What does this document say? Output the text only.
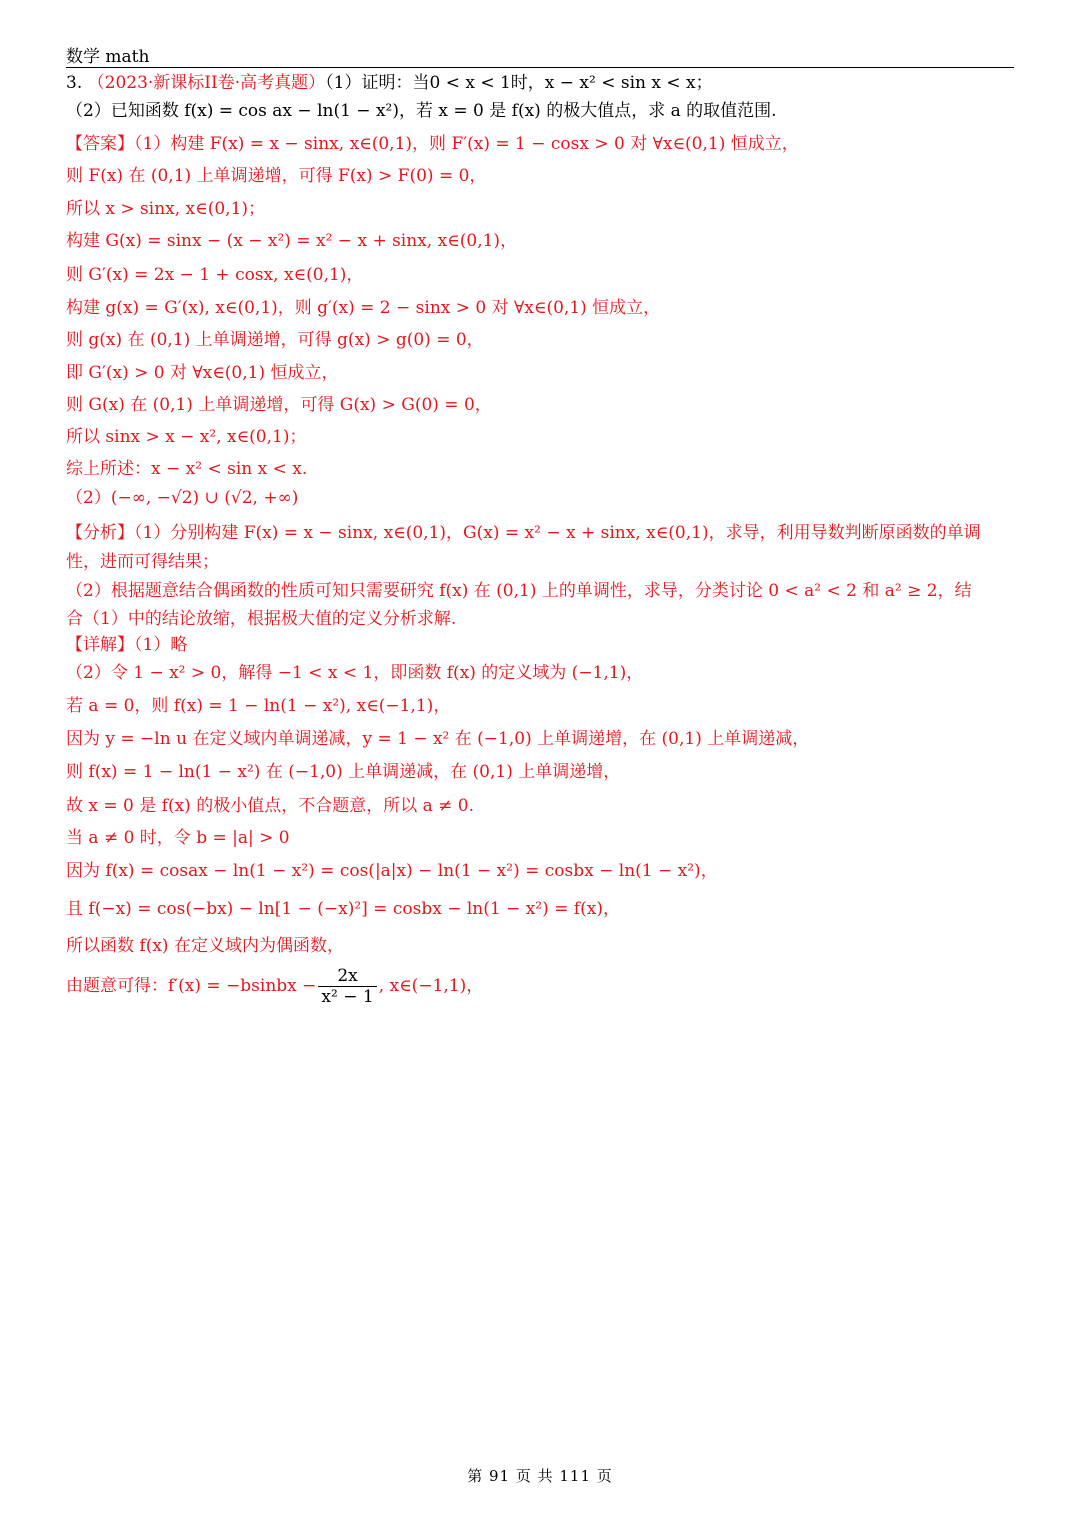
数学 math
3. （2023·新课标II卷·高考真题）（1）证明：当0 < x < 1时，x − x² < sin x < x；
（2）已知函数 f(x) = cos ax − ln(1 − x²)，若 x = 0 是 f(x) 的极大值点，求 a 的取值范围.
【答案】（1）构建 F(x) = x − sinx, x∈(0,1)，则 F′(x) = 1 − cosx > 0 对 ∀x∈(0,1) 恒成立，
则 F(x) 在 (0,1) 上单调递增，可得 F(x) > F(0) = 0，
所以 x > sinx, x∈(0,1)；
构建 G(x) = sinx − (x − x²) = x² − x + sinx, x∈(0,1)，
则 G′(x) = 2x − 1 + cosx, x∈(0,1)，
构建 g(x) = G′(x), x∈(0,1)，则 g′(x) = 2 − sinx > 0 对 ∀x∈(0,1) 恒成立，
则 g(x) 在 (0,1) 上单调递增，可得 g(x) > g(0) = 0，
即 G′(x) > 0 对 ∀x∈(0,1) 恒成立，
则 G(x) 在 (0,1) 上单调递增，可得 G(x) > G(0) = 0，
所以 sinx > x − x², x∈(0,1)；
综上所述：x − x² < sin x < x.
（2）(−∞, −√2) ∪ (√2, +∞)
【分析】（1）分别构建 F(x) = x − sinx, x∈(0,1)，G(x) = x² − x + sinx, x∈(0,1)，求导，利用导数判断原函数的单调
性，进而可得结果；
（2）根据题意结合偶函数的性质可知只需要研究 f(x) 在 (0,1) 上的单调性，求导，分类讨论 0 < a² < 2 和 a² ≥ 2，结
合（1）中的结论放缩，根据极大值的定义分析求解.
【详解】（1）略
（2）令 1 − x² > 0，解得 −1 < x < 1，即函数 f(x) 的定义域为 (−1,1)，
若 a = 0，则 f(x) = 1 − ln(1 − x²), x∈(−1,1)，
因为 y = −ln u 在定义域内单调递减，y = 1 − x² 在 (−1,0) 上单调递增，在 (0,1) 上单调递减，
则 f(x) = 1 − ln(1 − x²) 在 (−1,0) 上单调递减，在 (0,1) 上单调递增，
故 x = 0 是 f(x) 的极小值点，不合题意，所以 a ≠ 0.
当 a ≠ 0 时，令 b = |a| > 0
因为 f(x) = cosax − ln(1 − x²) = cos(|a|x) − ln(1 − x²) = cosbx − ln(1 − x²)，
且 f(−x) = cos(−bx) − ln[1 − (−x)²] = cosbx − ln(1 − x²) = f(x)，
所以函数 f(x) 在定义域内为偶函数，
由题意可得：f′(x) = −bsinbx − $\frac{2x}{\text{x² − 1}}$ , x∈(−1,1)，
第 91 页 共 111 页
